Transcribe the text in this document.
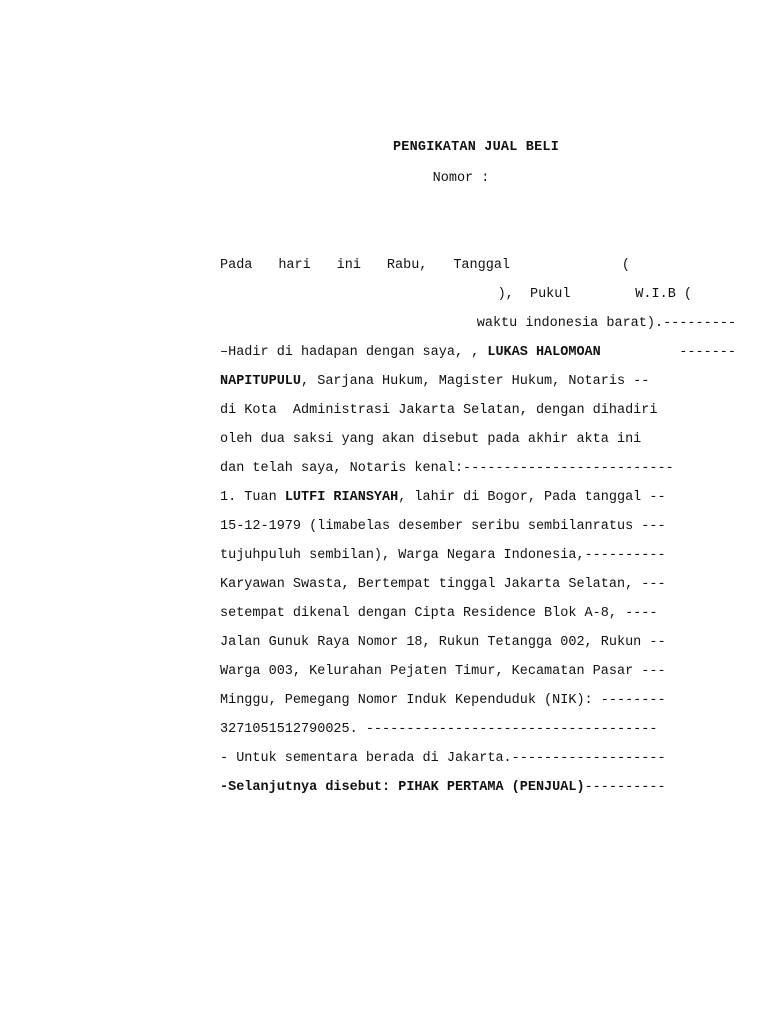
PENGIKATAN JUAL BELI
Nomor :
Pada hari ini Rabu, Tanggal	(
),  Pukul        W.I.B (
waktu indonesia barat).---------
–Hadir di hadapan dengan saya, , LUKAS HALOMOAN	-------
NAPITUPULU, Sarjana Hukum, Magister Hukum, Notaris --
di Kota  Administrasi Jakarta Selatan, dengan dihadiri
oleh dua saksi yang akan disebut pada akhir akta ini
dan telah saya, Notaris kenal:--------------------------
1. Tuan LUTFI RIANSYAH, lahir di Bogor, Pada tanggal --
15-12-1979 (limabelas desember seribu sembilanratus ---
tujuhpuluh sembilan), Warga Negara Indonesia,----------
Karyawan Swasta, Bertempat tinggal Jakarta Selatan, ---
setempat dikenal dengan Cipta Residence Blok A-8, ----
Jalan Gunuk Raya Nomor 18, Rukun Tetangga 002, Rukun --
Warga 003, Kelurahan Pejaten Timur, Kecamatan Pasar ---
Minggu, Pemegang Nomor Induk Kependuduk (NIK): --------
3271051512790025. ------------------------------------
- Untuk sementara berada di Jakarta.-------------------
-Selanjutnya disebut: PIHAK PERTAMA (PENJUAL)----------
